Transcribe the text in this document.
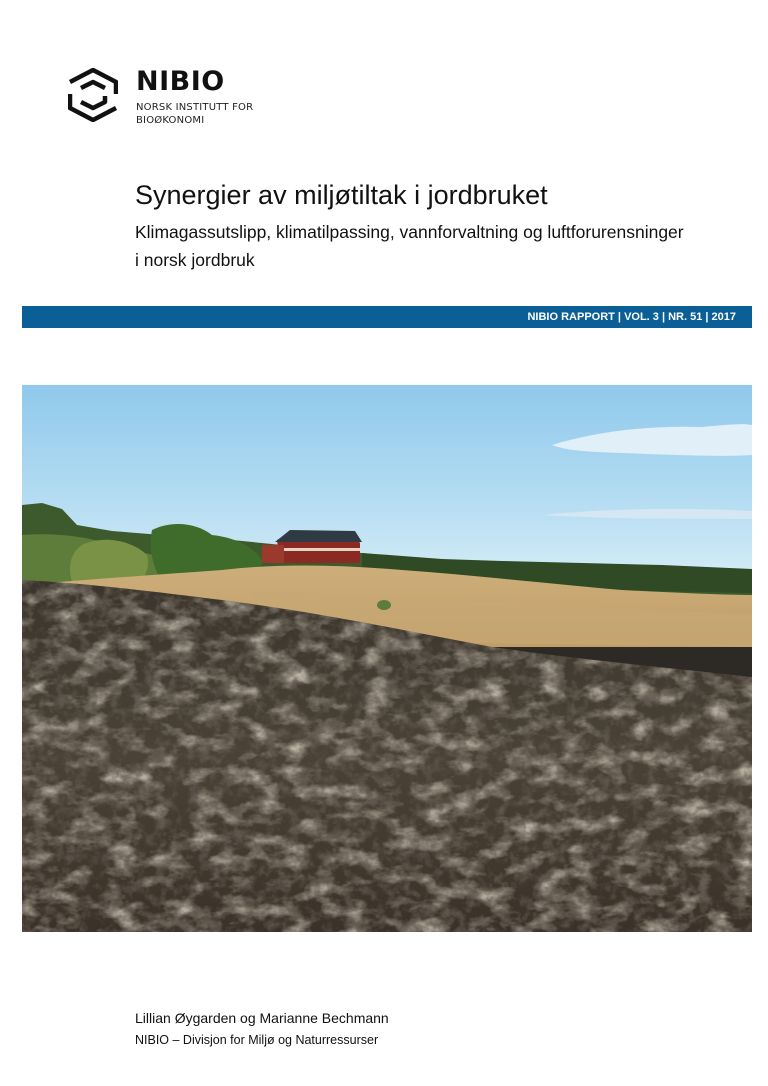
NIBIO
NORSK INSTITUTT FOR
BIOØKONOMI
Synergier av miljøtiltak i jordbruket
Klimagassutslipp, klimatilpassing, vannforvaltning og luftforurensninger
i norsk jordbruk
NIBIO RAPPORT | VOL. 3 | NR. 51 | 2017
Lillian Øygarden og Marianne Bechmann
NIBIO – Divisjon for Miljø og Naturressurser
